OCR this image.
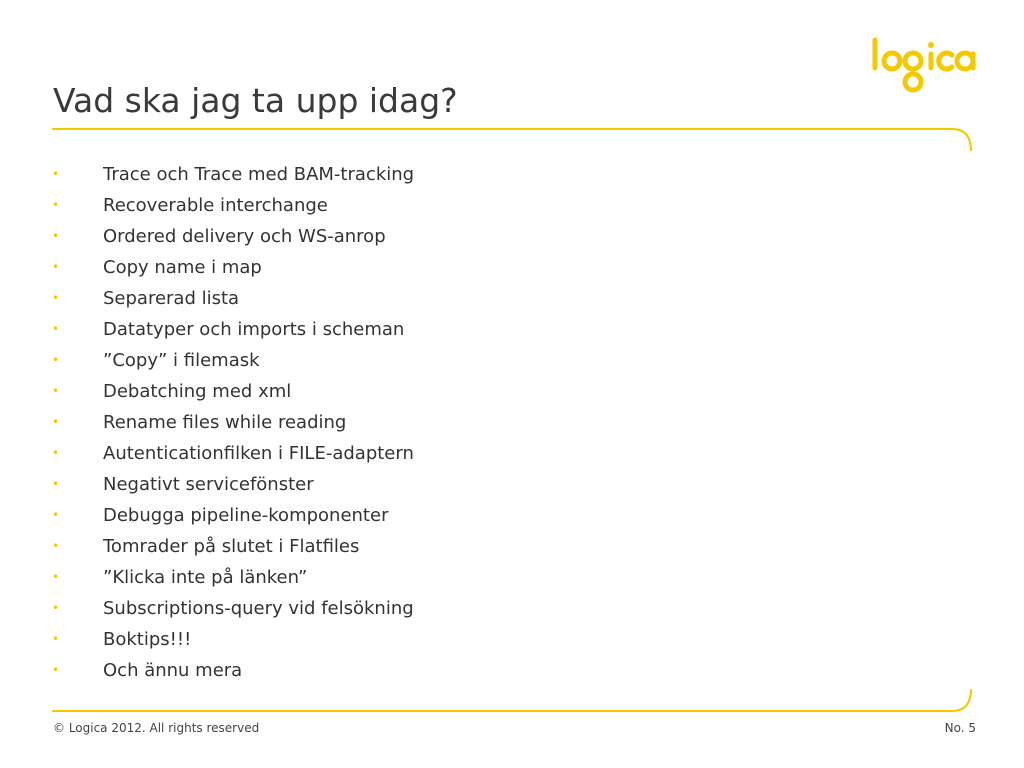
Vad ska jag ta upp idag?
• Trace och Trace med BAM-tracking
• Recoverable interchange
• Ordered delivery och WS-anrop
• Copy name i map
• Separerad lista
• Datatyper och imports i scheman
• ”Copy” i filemask
• Debatching med xml
• Rename files while reading
• Autenticationfilken i FILE-adaptern
• Negativt servicefönster
• Debugga pipeline-komponenter
• Tomrader på slutet i Flatfiles
• ”Klicka inte på länken”
• Subscriptions-query vid felsökning
• Boktips!!!
• Och ännu mera
© Logica 2012. All rights reserved	No. 5
